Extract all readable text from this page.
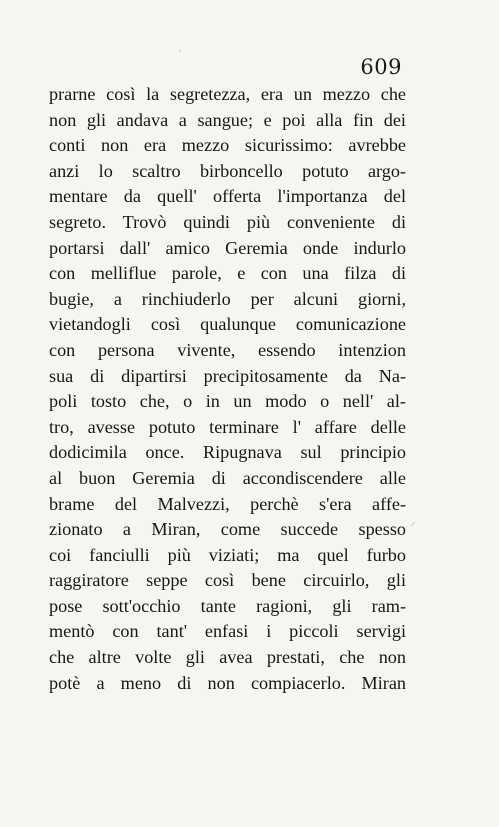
609
prarne così la segretezza, era un mezzo che
non gli andava a sangue; e poi alla fin dei
conti non era mezzo sicurissimo: avrebbe
anzi lo scaltro birboncello potuto argo-
mentare da quell' offerta l'importanza del
segreto. Trovò quindi più conveniente di
portarsi dall' amico Geremia onde indurlo
con melliflue parole, e con una filza di
bugie, a rinchiuderlo per alcuni giorni,
vietandogli così qualunque comunicazione
con persona vivente, essendo intenzion
sua di dipartirsi precipitosamente da Na-
poli tosto che, o in un modo o nell' al-
tro, avesse potuto terminare l' affare delle
dodicimila once. Ripugnava sul principio
al buon Geremia di accondiscendere alle
brame del Malvezzi, perchè s'era affe-
zionato a Miran, come succede spesso
coi fanciulli più viziati; ma quel furbo
raggiratore seppe così bene circuirlo, gli
pose sott'occhio tante ragioni, gli ram-
mentò con tant' enfasi i piccoli servigi
che altre volte gli avea prestati, che non
potè a meno di non compiacerlo. Miran
·
⸝
